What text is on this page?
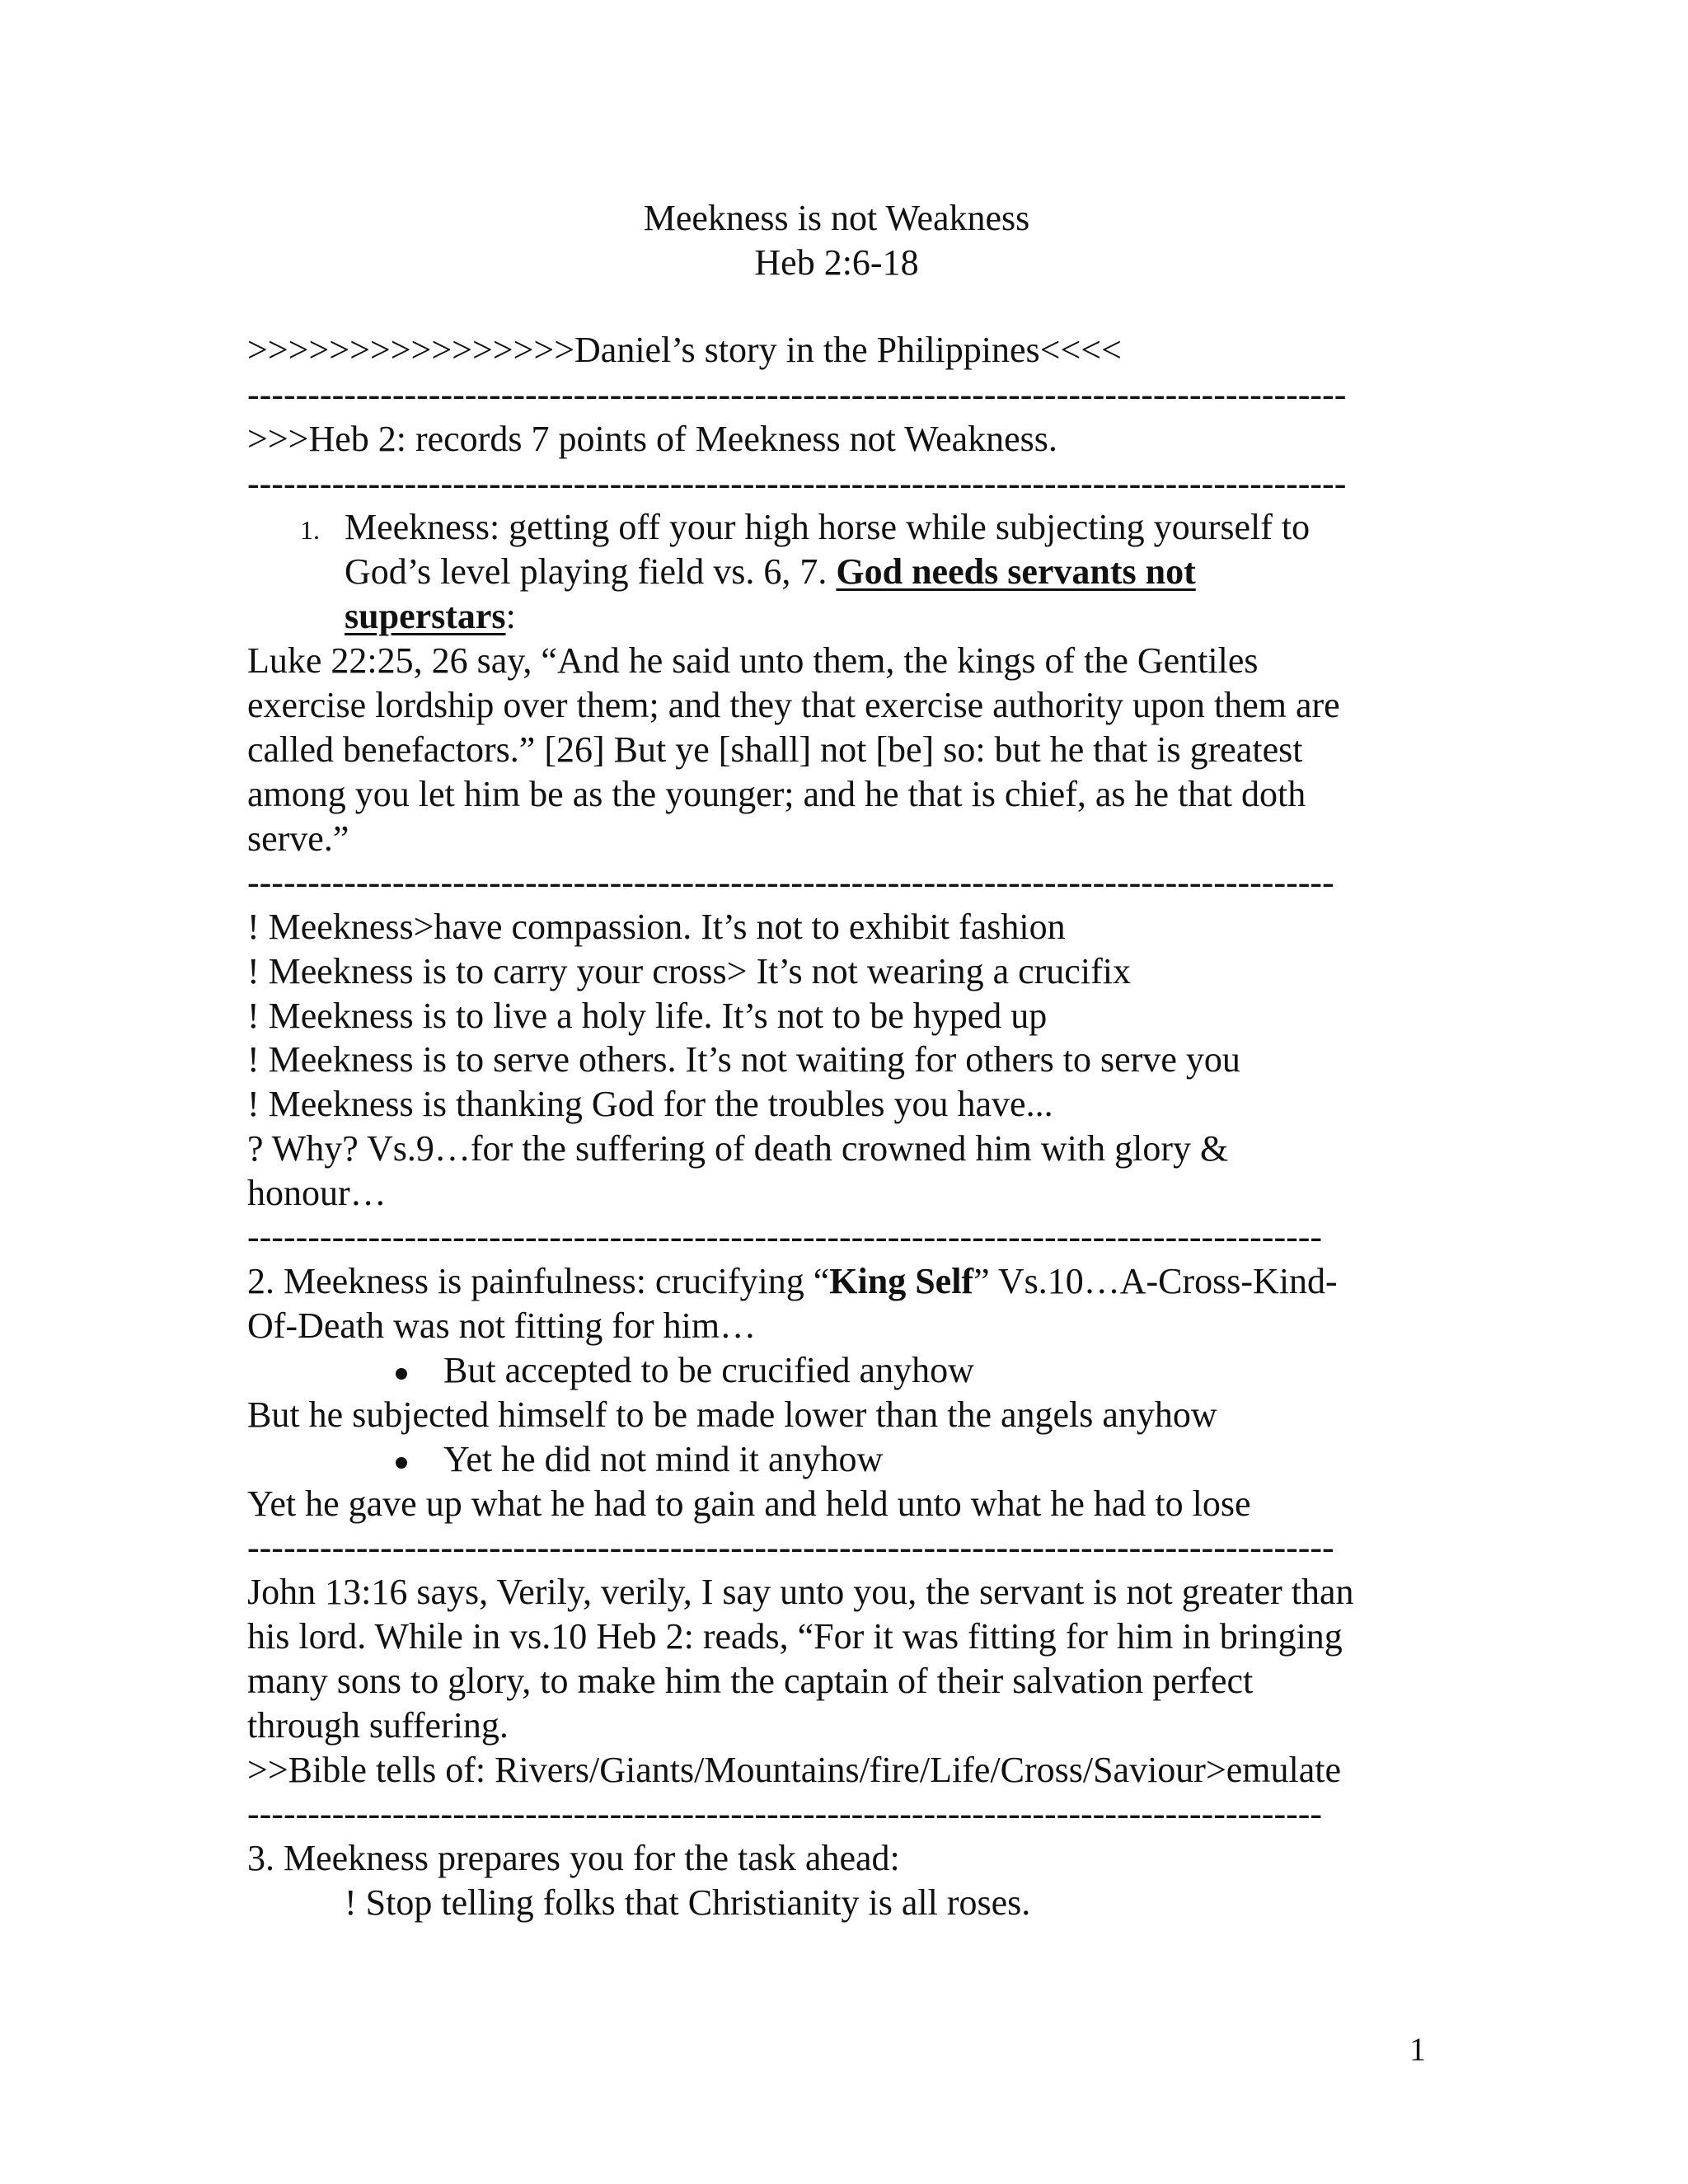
Meekness is not Weakness
Heb 2:6-18
>>>>>>>>>>>>>>>>Daniel’s story in the Philippines<<<<
-------------------------------------------------------------------------------------------
>>>Heb 2: records 7 points of Meekness not Weakness.
-------------------------------------------------------------------------------------------
1. Meekness: getting off your high horse while subjecting yourself to
God’s level playing field vs. 6, 7. God needs servants not
superstars:
Luke 22:25, 26 say, “And he said unto them, the kings of the Gentiles
exercise lordship over them; and they that exercise authority upon them are
called benefactors.” [26] But ye [shall] not [be] so: but he that is greatest
among you let him be as the younger; and he that is chief, as he that doth
serve.”
------------------------------------------------------------------------------------------
! Meekness>have compassion. It’s not to exhibit fashion
! Meekness is to carry your cross> It’s not wearing a crucifix
! Meekness is to live a holy life. It’s not to be hyped up
! Meekness is to serve others. It’s not waiting for others to serve you
! Meekness is thanking God for the troubles you have...
? Why? Vs.9…for the suffering of death crowned him with glory &
honour…
-----------------------------------------------------------------------------------------
2. Meekness is painfulness: crucifying “King Self” Vs.10…A-Cross-Kind-
Of-Death was not fitting for him…
But accepted to be crucified anyhow
But he subjected himself to be made lower than the angels anyhow
Yet he did not mind it anyhow
Yet he gave up what he had to gain and held unto what he had to lose
------------------------------------------------------------------------------------------
John 13:16 says, Verily, verily, I say unto you, the servant is not greater than
his lord. While in vs.10 Heb 2: reads, “For it was fitting for him in bringing
many sons to glory, to make him the captain of their salvation perfect
through suffering.
>>Bible tells of: Rivers/Giants/Mountains/fire/Life/Cross/Saviour>emulate
-----------------------------------------------------------------------------------------
3. Meekness prepares you for the task ahead:
! Stop telling folks that Christianity is all roses.
1
